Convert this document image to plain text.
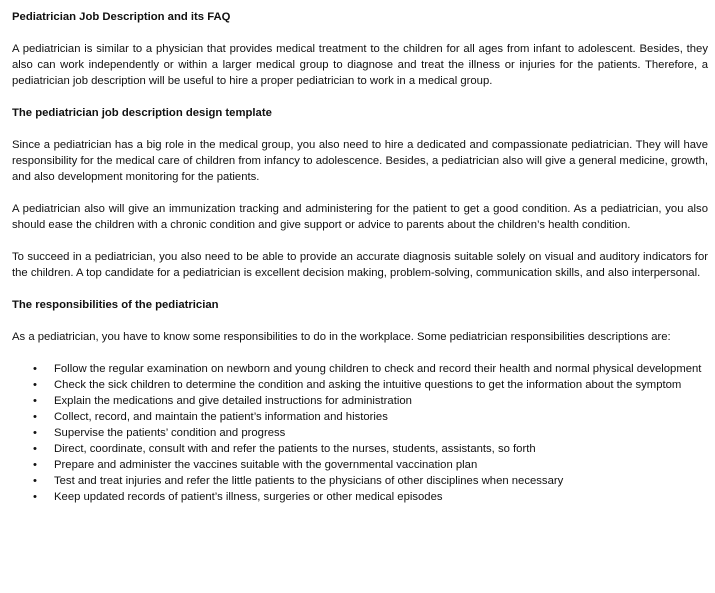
Pediatrician Job Description and its FAQ

A pediatrician is similar to a physician that provides medical treatment to the children for all ages from infant to adolescent. Besides, they also can work independently or within a larger medical group to diagnose and treat the illness or injuries for the patients. Therefore, a pediatrician job description will be useful to hire a proper pediatrician to work in a medical group.

The pediatrician job description design template

Since a pediatrician has a big role in the medical group, you also need to hire a dedicated and compassionate pediatrician. They will have responsibility for the medical care of children from infancy to adolescence. Besides, a pediatrician also will give a general medicine, growth, and also development monitoring for the patients.

A pediatrician also will give an immunization tracking and administering for the patient to get a good condition. As a pediatrician, you also should ease the children with a chronic condition and give support or advice to parents about the children’s health condition.

To succeed in a pediatrician, you also need to be able to provide an accurate diagnosis suitable solely on visual and auditory indicators for the children. A top candidate for a pediatrician is excellent decision making, problem-solving, communication skills, and also interpersonal.

The responsibilities of the pediatrician

As a pediatrician, you have to know some responsibilities to do in the workplace. Some pediatrician responsibilities descriptions are:

• Follow the regular examination on newborn and young children to check and record their health and normal physical development
• Check the sick children to determine the condition and asking the intuitive questions to get the information about the symptom
• Explain the medications and give detailed instructions for administration
• Collect, record, and maintain the patient’s information and histories
• Supervise the patients’ condition and progress
• Direct, coordinate, consult with and refer the patients to the nurses, students, assistants, so forth
• Prepare and administer the vaccines suitable with the governmental vaccination plan
• Test and treat injuries and refer the little patients to the physicians of other disciplines when necessary
• Keep updated records of patient’s illness, surgeries or other medical episodes
